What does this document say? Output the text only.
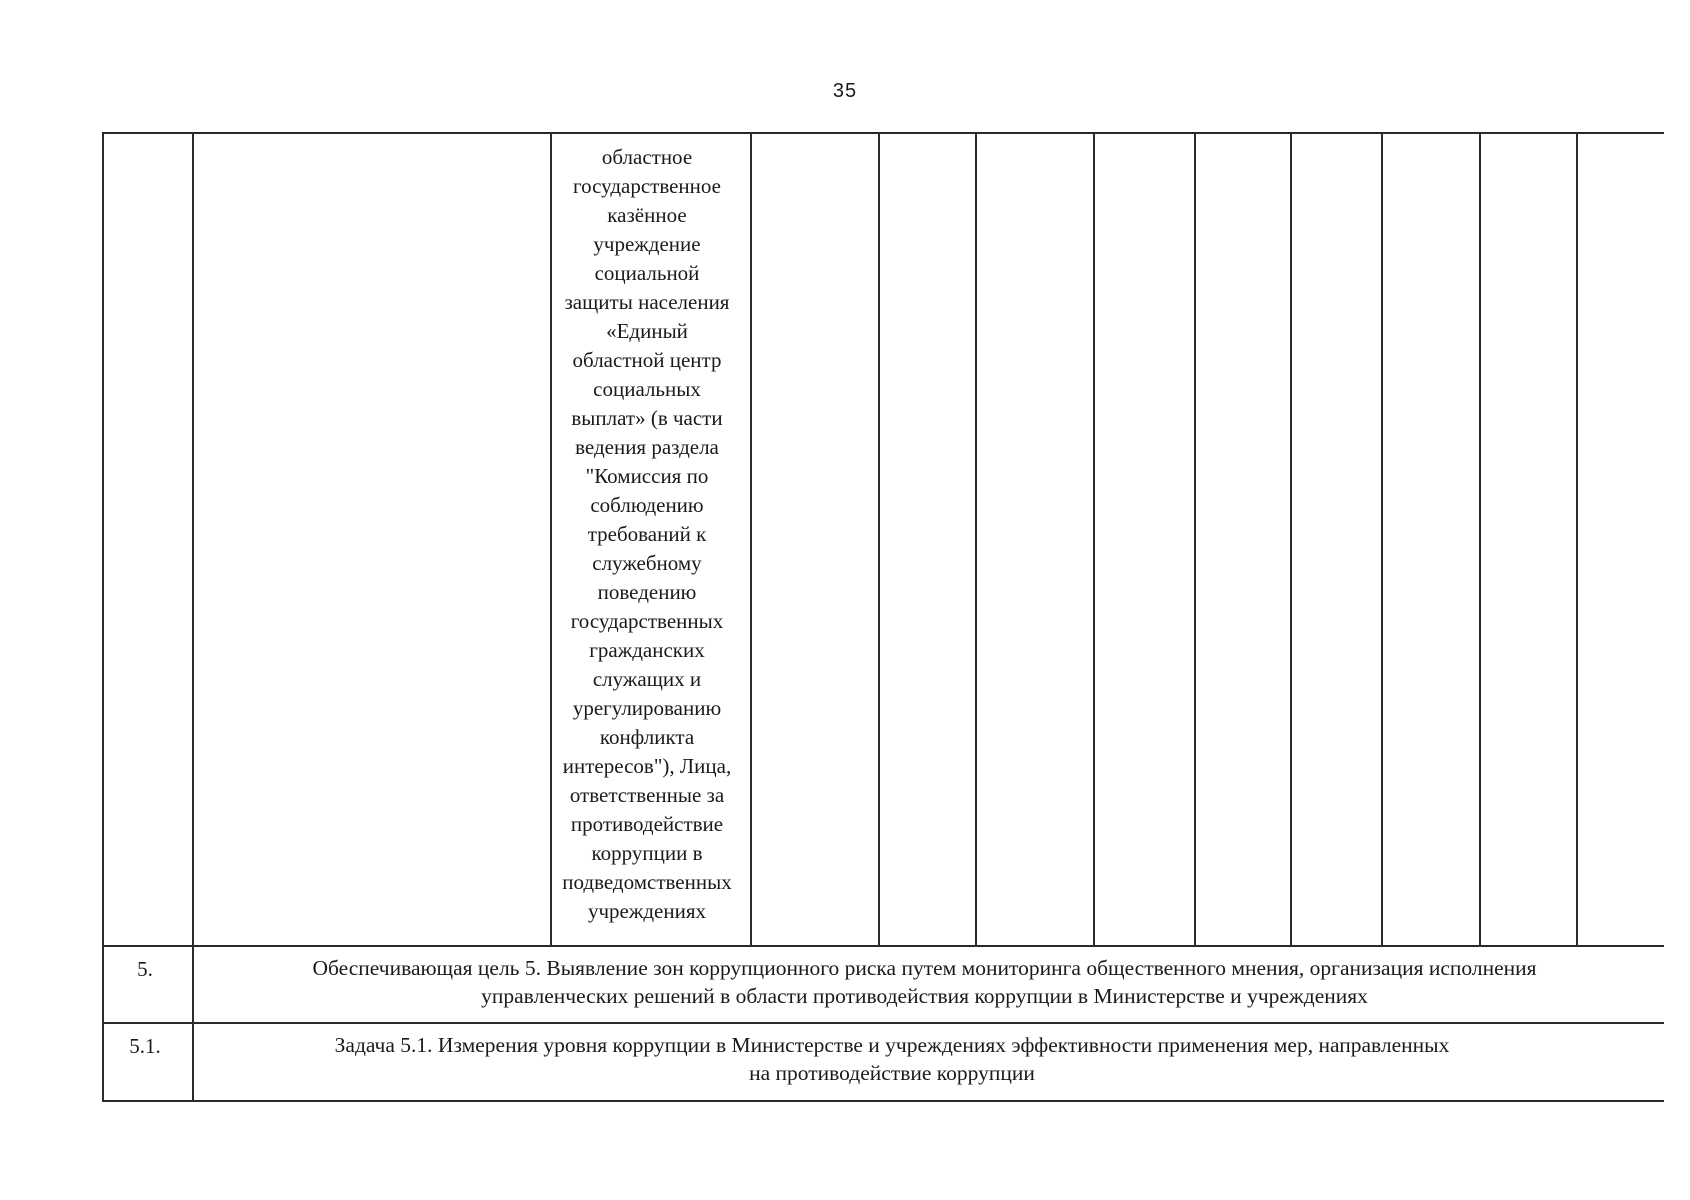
35
областное
государственное
казённое
учреждение
социальной
защиты населения
«Единый
областной центр
социальных
выплат» (в части
ведения раздела
"Комиссия по
соблюдению
требований к
служебному
поведению
государственных
гражданских
служащих и
урегулированию
конфликта
интересов"), Лица,
ответственные за
противодействие
коррупции в
подведомственных
учреждениях
5.	Обеспечивающая цель 5. Выявление зон коррупционного риска путем мониторинга общественного мнения, организация исполнения
управленческих решений в области противодействия коррупции в Министерстве и учреждениях
5.1.	Задача 5.1. Измерения уровня коррупции в Министерстве и учреждениях эффективности применения мер, направленных
на противодействие коррупции
